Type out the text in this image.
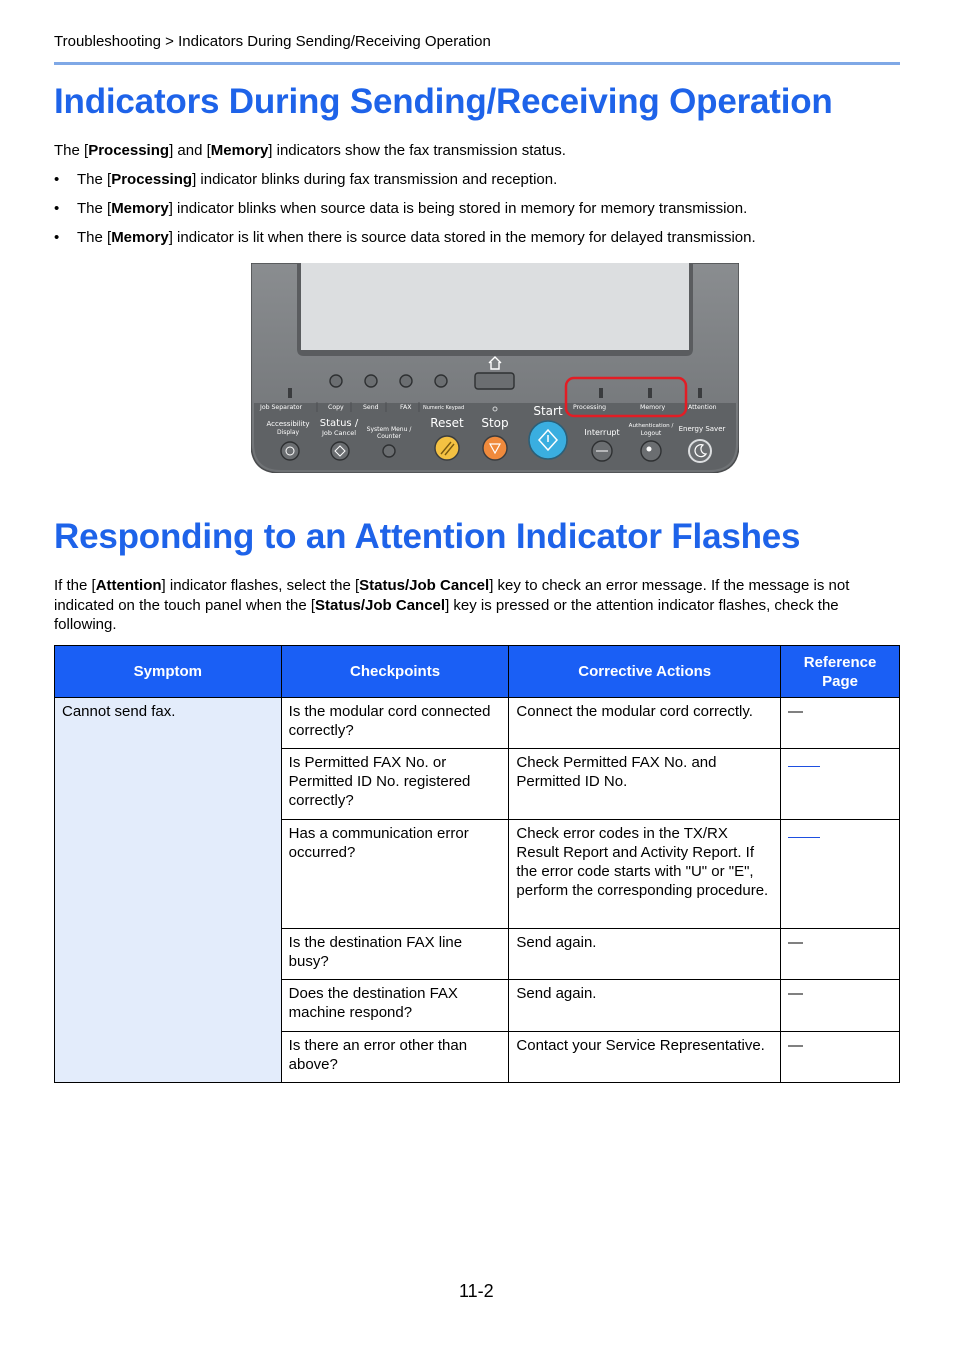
Troubleshooting > Indicators During Sending/Receiving Operation
Indicators During Sending/Receiving Operation
The [Processing] and [Memory] indicators show the fax transmission status.
• The [Processing] indicator blinks during fax transmission and reception.
• The [Memory] indicator blinks when source data is being stored in memory for memory transmission.
• The [Memory] indicator is lit when there is source data stored in the memory for delayed transmission.
Job Separator	Copy	Send	FAX Numeric Keypad	Processing	Memory	Attention
Accessibility
Display
Status /
Job Cancel System Menu /
Counter
Reset Stop
Start
Interrupt
Authentication /
Logout
Energy Saver
Responding to an Attention Indicator Flashes
If the [Attention] indicator flashes, select the [Status/Job Cancel] key to check an error message. If the message is not indicated on the touch panel when the [Status/Job Cancel] key is pressed or the attention indicator flashes, check the following.
Symptom	Checkpoints	Corrective Actions	Reference Page
Cannot send fax.	Is the modular cord connected correctly?	Connect the modular cord correctly.	—
	Is Permitted FAX No. or Permitted ID No. registered correctly?	Check Permitted FAX No. and Permitted ID No.	
	Has a communication error occurred?	Check error codes in the TX/RX Result Report and Activity Report. If the error code starts with "U" or "E", perform the corresponding procedure.	
	Is the destination FAX line busy?	Send again.	—
	Does the destination FAX machine respond?	Send again.	—
	Is there an error other than above?	Contact your Service Representative.	—
11-2
